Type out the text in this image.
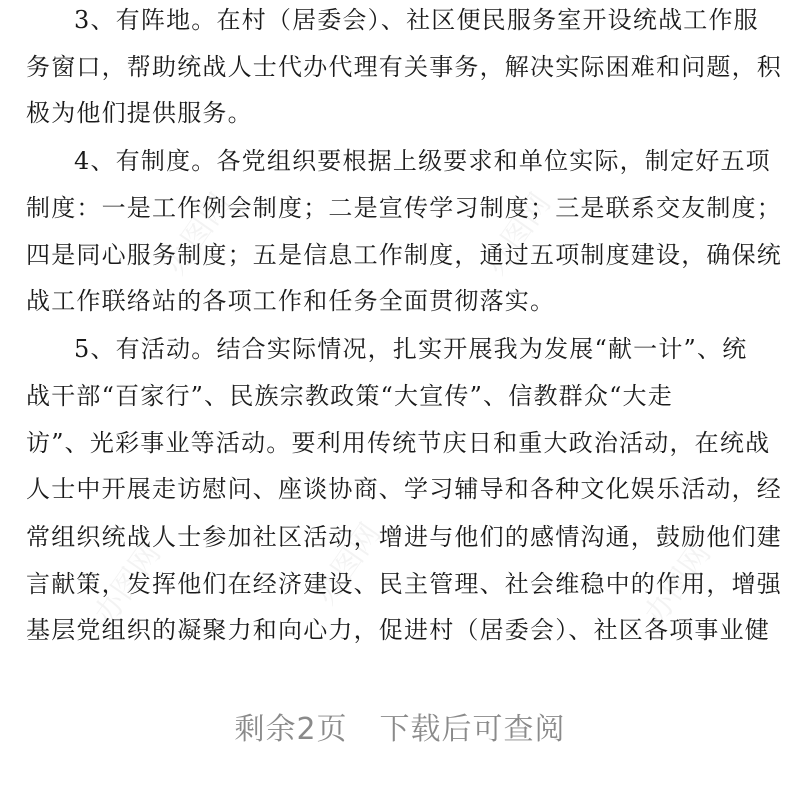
办图网	办图网
办图网	办图网	办图网
3、有阵地。在村（居委会）、社区便民服务室开设统战工作服
务窗口，帮助统战人士代办代理有关事务，解决实际困难和问题，积
极为他们提供服务。
4、有制度。各党组织要根据上级要求和单位实际，制定好五项
制度：一是工作例会制度；二是宣传学习制度；三是联系交友制度；
四是同心服务制度；五是信息工作制度，通过五项制度建设，确保统
战工作联络站的各项工作和任务全面贯彻落实。
5、有活动。结合实际情况，扎实开展我为发展“献一计”、统
战干部“百家行”、民族宗教政策“大宣传”、信教群众“大走
访”、光彩事业等活动。要利用传统节庆日和重大政治活动，在统战
人士中开展走访慰问、座谈协商、学习辅导和各种文化娱乐活动，经
常组织统战人士参加社区活动，增进与他们的感情沟通，鼓励他们建
言献策，发挥他们在经济建设、民主管理、社会维稳中的作用，增强
基层党组织的凝聚力和向心力，促进村（居委会）、社区各项事业健
剩余2页 下载后可查阅
